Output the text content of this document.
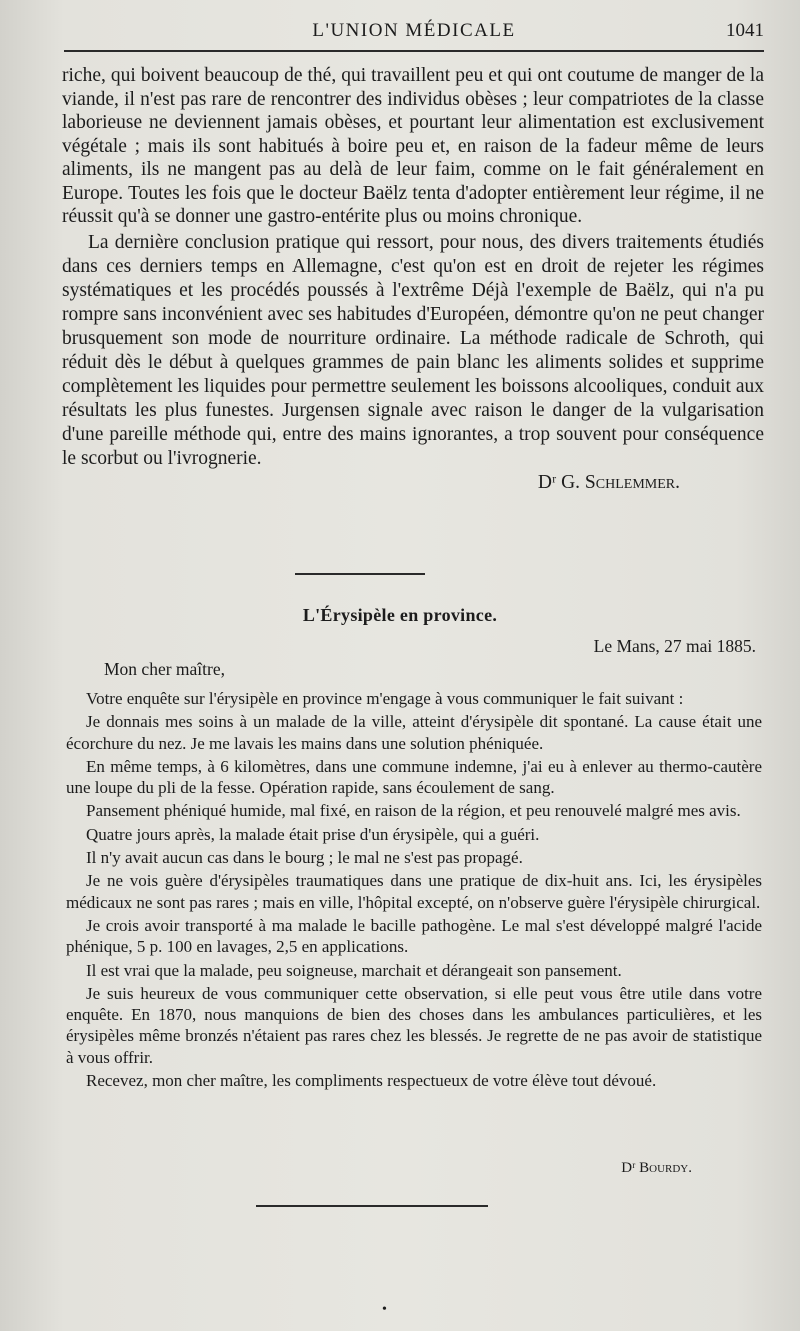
L'UNION MÉDICALE	1041

riche, qui boivent beaucoup de thé, qui travaillent peu et qui ont coutume de manger de la viande, il n'est pas rare de rencontrer des individus obèses ; leur compatriotes de la classe laborieuse ne deviennent jamais obèses, et pourtant leur alimentation est exclusivement végétale ; mais ils sont habitués à boire peu et, en raison de la fadeur même de leurs aliments, ils ne mangent pas au delà de leur faim, comme on le fait généralement en Europe. Toutes les fois que le docteur Baëlz tenta d'adopter entièrement leur régime, il ne réussit qu'à se donner une gastro-entérite plus ou moins chronique.

La dernière conclusion pratique qui ressort, pour nous, des divers traitements étudiés dans ces derniers temps en Allemagne, c'est qu'on est en droit de rejeter les régimes systématiques et les procédés poussés à l'extrême Déjà l'exemple de Baëlz, qui n'a pu rompre sans inconvénient avec ses habitudes d'Européen, démontre qu'on ne peut changer brusquement son mode de nourriture ordinaire. La méthode radicale de Schroth, qui réduit dès le début à quelques grammes de pain blanc les aliments solides et supprime complètement les liquides pour permettre seulement les boissons alcooliques, conduit aux résultats les plus funestes. Jurgensen signale avec raison le danger de la vulgarisation d'une pareille méthode qui, entre des mains ignorantes, a trop souvent pour conséquence le scorbut ou l'ivrognerie.

Dʳ G. Schlemmer.

L'Érysipèle en province.
Le Mans, 27 mai 1885.
Mon cher maître,

Votre enquête sur l'érysipèle en province m'engage à vous communiquer le fait suivant :

Je donnais mes soins à un malade de la ville, atteint d'érysipèle dit spontané. La cause était une écorchure du nez. Je me lavais les mains dans une solution phéniquée.

En même temps, à 6 kilomètres, dans une commune indemne, j'ai eu à enlever au thermo-cautère une loupe du pli de la fesse. Opération rapide, sans écoulement de sang.

Pansement phéniqué humide, mal fixé, en raison de la région, et peu renouvelé malgré mes avis.

Quatre jours après, la malade était prise d'un érysipèle, qui a guéri.

Il n'y avait aucun cas dans le bourg ; le mal ne s'est pas propagé.

Je ne vois guère d'érysipèles traumatiques dans une pratique de dix-huit ans. Ici, les érysipèles médicaux ne sont pas rares ; mais en ville, l'hôpital excepté, on n'observe guère l'érysipèle chirurgical.

Je crois avoir transporté à ma malade le bacille pathogène. Le mal s'est développé malgré l'acide phénique, 5 p. 100 en lavages, 2,5 en applications.

Il est vrai que la malade, peu soigneuse, marchait et dérangeait son pansement.

Je suis heureux de vous communiquer cette observation, si elle peut vous être utile dans votre enquête. En 1870, nous manquions de bien des choses dans les ambulances particulières, et les érysipèles même bronzés n'étaient pas rares chez les blessés. Je regrette de ne pas avoir de statistique à vous offrir.

Recevez, mon cher maître, les compliments respectueux de votre élève tout dévoué.

Dʳ Bourdy.
•
